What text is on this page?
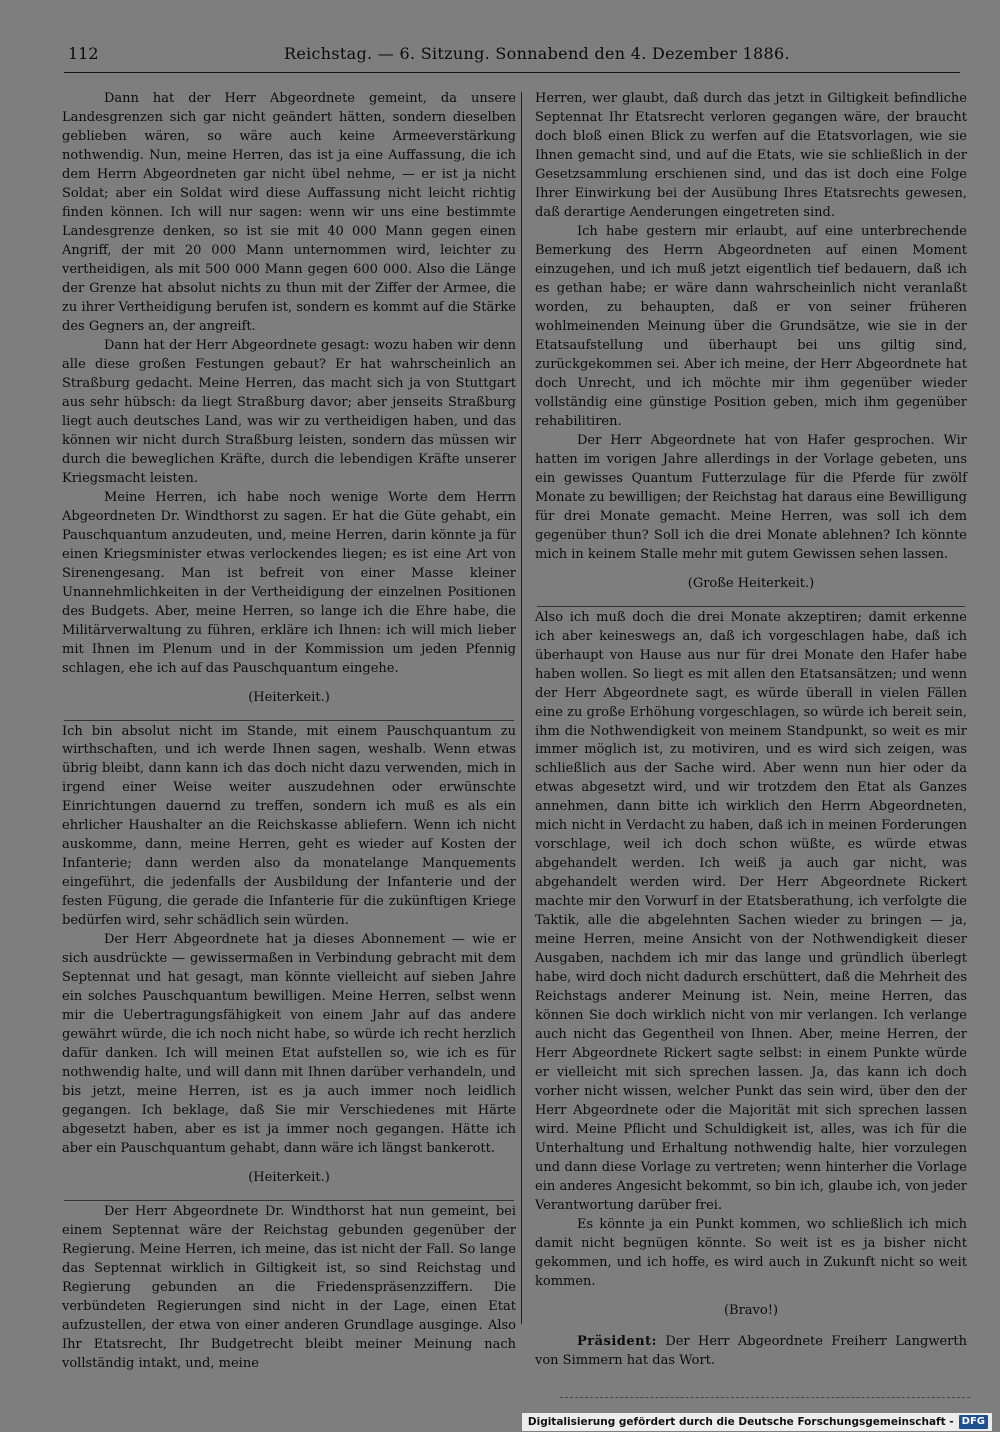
112	Reichstag. — 6. Sitzung. Sonnabend den 4. Dezember 1886.

Dann hat der Herr Abgeordnete gemeint, da unsere Landesgrenzen sich gar nicht geändert hätten, sondern dieselben geblieben wären, so wäre auch keine Armeeverstärkung nothwendig. Nun, meine Herren, das ist ja eine Auffassung, die ich dem Herrn Abgeordneten gar nicht übel nehme, — er ist ja nicht Soldat; aber ein Soldat wird diese Auffassung nicht leicht richtig finden können. Ich will nur sagen: wenn wir uns eine bestimmte Landesgrenze denken, so ist sie mit 40 000 Mann gegen einen Angriff, der mit 20 000 Mann unternommen wird, leichter zu vertheidigen, als mit 500 000 Mann gegen 600 000. Also die Länge der Grenze hat absolut nichts zu thun mit der Ziffer der Armee, die zu ihrer Vertheidigung berufen ist, sondern es kommt auf die Stärke des Gegners an, der angreift.

Dann hat der Herr Abgeordnete gesagt: wozu haben wir denn alle diese großen Festungen gebaut? Er hat wahrscheinlich an Straßburg gedacht. Meine Herren, das macht sich ja von Stuttgart aus sehr hübsch: da liegt Straßburg davor; aber jenseits Straßburg liegt auch deutsches Land, was wir zu vertheidigen haben, und das können wir nicht durch Straßburg leisten, sondern das müssen wir durch die beweglichen Kräfte, durch die lebendigen Kräfte unserer Kriegsmacht leisten.

Meine Herren, ich habe noch wenige Worte dem Herrn Abgeordneten Dr. Windthorst zu sagen. Er hat die Güte gehabt, ein Pauschquantum anzudeuten, und, meine Herren, darin könnte ja für einen Kriegsminister etwas verlockendes liegen; es ist eine Art von Sirenengesang. Man ist befreit von einer Masse kleiner Unannehmlichkeiten in der Vertheidigung der einzelnen Positionen des Budgets. Aber, meine Herren, so lange ich die Ehre habe, die Militärverwaltung zu führen, erkläre ich Ihnen: ich will mich lieber mit Ihnen im Plenum und in der Kommission um jeden Pfennig schlagen, ehe ich auf das Pauschquantum eingehe.

(Heiterkeit.)

Ich bin absolut nicht im Stande, mit einem Pauschquantum zu wirthschaften, und ich werde Ihnen sagen, weshalb. Wenn etwas übrig bleibt, dann kann ich das doch nicht dazu verwenden, mich in irgend einer Weise weiter auszudehnen oder erwünschte Einrichtungen dauernd zu treffen, sondern ich muß es als ein ehrlicher Haushalter an die Reichskasse abliefern. Wenn ich nicht auskomme, dann, meine Herren, geht es wieder auf Kosten der Infanterie; dann werden also da monatelange Manquements eingeführt, die jedenfalls der Ausbildung der Infanterie und der festen Fügung, die gerade die Infanterie für die zukünftigen Kriege bedürfen wird, sehr schädlich sein würden.

Der Herr Abgeordnete hat ja dieses Abonnement — wie er sich ausdrückte — gewissermaßen in Verbindung gebracht mit dem Septennat und hat gesagt, man könnte vielleicht auf sieben Jahre ein solches Pauschquantum bewilligen. Meine Herren, selbst wenn mir die Uebertragungsfähigkeit von einem Jahr auf das andere gewährt würde, die ich noch nicht habe, so würde ich recht herzlich dafür danken. Ich will meinen Etat aufstellen so, wie ich es für nothwendig halte, und will dann mit Ihnen darüber verhandeln, und bis jetzt, meine Herren, ist es ja auch immer noch leidlich gegangen. Ich beklage, daß Sie mir Verschiedenes mit Härte abgesetzt haben, aber es ist ja immer noch gegangen. Hätte ich aber ein Pauschquantum gehabt, dann wäre ich längst bankerott.

(Heiterkeit.)

Der Herr Abgeordnete Dr. Windthorst hat nun gemeint, bei einem Septennat wäre der Reichstag gebunden gegenüber der Regierung. Meine Herren, ich meine, das ist nicht der Fall. So lange das Septennat wirklich in Giltigkeit ist, so sind Reichstag und Regierung gebunden an die Friedenspräsenzziffern. Die verbündeten Regierungen sind nicht in der Lage, einen Etat aufzustellen, der etwa von einer anderen Grundlage ausginge. Also Ihr Etatsrecht, Ihr Budgetrecht bleibt meiner Meinung nach vollständig intakt, und, meine

Herren, wer glaubt, daß durch das jetzt in Giltigkeit befindliche Septennat Ihr Etatsrecht verloren gegangen wäre, der braucht doch bloß einen Blick zu werfen auf die Etatsvorlagen, wie sie Ihnen gemacht sind, und auf die Etats, wie sie schließlich in der Gesetzsammlung erschienen sind, und das ist doch eine Folge Ihrer Einwirkung bei der Ausübung Ihres Etatsrechts gewesen, daß derartige Aenderungen eingetreten sind.

Ich habe gestern mir erlaubt, auf eine unterbrechende Bemerkung des Herrn Abgeordneten auf einen Moment einzugehen, und ich muß jetzt eigentlich tief bedauern, daß ich es gethan habe; er wäre dann wahrscheinlich nicht veranlaßt worden, zu behaupten, daß er von seiner früheren wohlmeinenden Meinung über die Grundsätze, wie sie in der Etatsaufstellung und überhaupt bei uns giltig sind, zurückgekommen sei. Aber ich meine, der Herr Abgeordnete hat doch Unrecht, und ich möchte mir ihm gegenüber wieder vollständig eine günstige Position geben, mich ihm gegenüber rehabilitiren.

Der Herr Abgeordnete hat von Hafer gesprochen. Wir hatten im vorigen Jahre allerdings in der Vorlage gebeten, uns ein gewisses Quantum Futterzulage für die Pferde für zwölf Monate zu bewilligen; der Reichstag hat daraus eine Bewilligung für drei Monate gemacht. Meine Herren, was soll ich dem gegenüber thun? Soll ich die drei Monate ablehnen? Ich könnte mich in keinem Stalle mehr mit gutem Gewissen sehen lassen.

(Große Heiterkeit.)

Also ich muß doch die drei Monate akzeptiren; damit erkenne ich aber keineswegs an, daß ich vorgeschlagen habe, daß ich überhaupt von Hause aus nur für drei Monate den Hafer habe haben wollen. So liegt es mit allen den Etatsansätzen; und wenn der Herr Abgeordnete sagt, es würde überall in vielen Fällen eine zu große Erhöhung vorgeschlagen, so würde ich bereit sein, ihm die Nothwendigkeit von meinem Standpunkt, so weit es mir immer möglich ist, zu motiviren, und es wird sich zeigen, was schließlich aus der Sache wird. Aber wenn nun hier oder da etwas abgesetzt wird, und wir trotzdem den Etat als Ganzes annehmen, dann bitte ich wirklich den Herrn Abgeordneten, mich nicht in Verdacht zu haben, daß ich in meinen Forderungen vorschlage, weil ich doch schon wüßte, es würde etwas abgehandelt werden. Ich weiß ja auch gar nicht, was abgehandelt werden wird. Der Herr Abgeordnete Rickert machte mir den Vorwurf in der Etatsberathung, ich verfolgte die Taktik, alle die abgelehnten Sachen wieder zu bringen — ja, meine Herren, meine Ansicht von der Nothwendigkeit dieser Ausgaben, nachdem ich mir das lange und gründlich überlegt habe, wird doch nicht dadurch erschüttert, daß die Mehrheit des Reichstags anderer Meinung ist. Nein, meine Herren, das können Sie doch wirklich nicht von mir verlangen. Ich verlange auch nicht das Gegentheil von Ihnen. Aber, meine Herren, der Herr Abgeordnete Rickert sagte selbst: in einem Punkte würde er vielleicht mit sich sprechen lassen. Ja, das kann ich doch vorher nicht wissen, welcher Punkt das sein wird, über den der Herr Abgeordnete oder die Majorität mit sich sprechen lassen wird. Meine Pflicht und Schuldigkeit ist, alles, was ich für die Unterhaltung und Erhaltung nothwendig halte, hier vorzulegen und dann diese Vorlage zu vertreten; wenn hinterher die Vorlage ein anderes Angesicht bekommt, so bin ich, glaube ich, von jeder Verantwortung darüber frei.

Es könnte ja ein Punkt kommen, wo schließlich ich mich damit nicht begnügen könnte. So weit ist es ja bisher nicht gekommen, und ich hoffe, es wird auch in Zukunft nicht so weit kommen.

(Bravo!)

Präsident: Der Herr Abgeordnete Freiherr Langwerth von Simmern hat das Wort.

Digitalisierung gefördert durch die Deutsche Forschungsgemeinschaft - DFG
